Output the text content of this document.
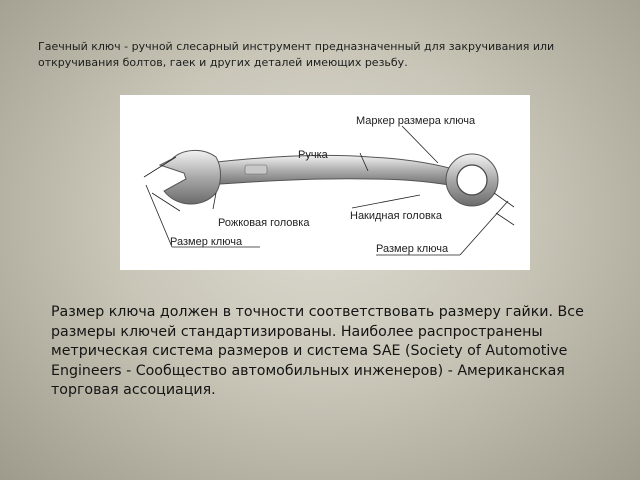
Гаечный ключ - ручной слесарный инструмент предназначенный для закручивания или откручивания болтов, гаек и других деталей имеющих резьбу.
Маркер размера ключа
Ручка
Рожковая головка
Накидная головка
Размер ключа
Размер ключа
Размер ключа должен в точности соответствовать размеру гайки. Все размеры ключей стандартизированы. Наиболее распространены метрическая система размеров и система SAE (Society of Automotive Engineers - Сообщество автомобильных инженеров) - Американская торговая ассоциация.
